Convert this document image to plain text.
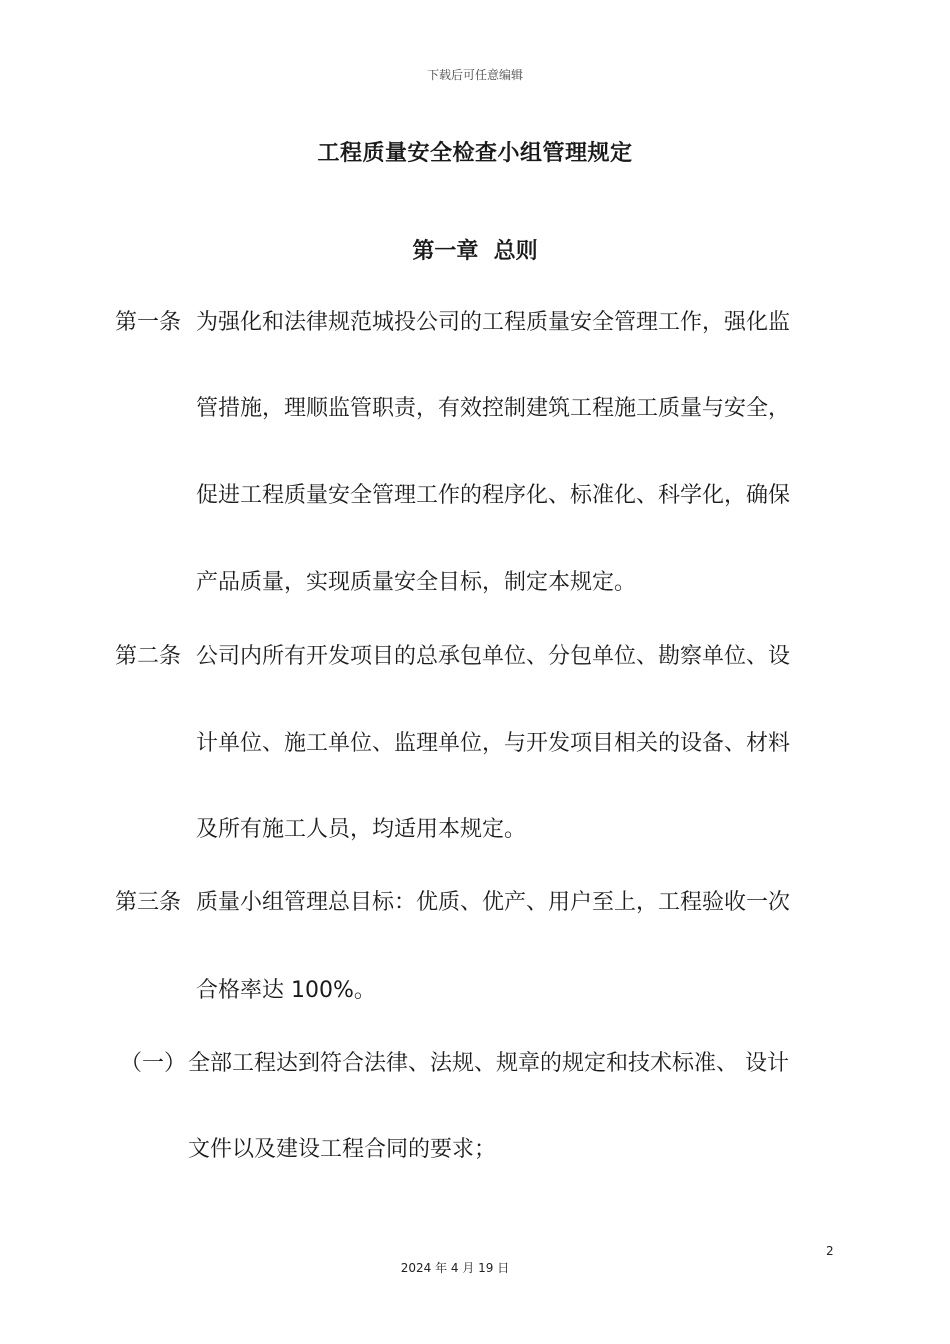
下载后可任意编辑
工程质量安全检查小组管理规定
第一章  总则
第一条 为强化和法律规范城投公司的工程质量安全管理工作，强化监
管措施，理顺监管职责，有效控制建筑工程施工质量与安全，
促进工程质量安全管理工作的程序化、标准化、科学化，确保
产品质量，实现质量安全目标，制定本规定。
第二条 公司内所有开发项目的总承包单位、分包单位、勘察单位、设
计单位、施工单位、监理单位，与开发项目相关的设备、材料
及所有施工人员，均适用本规定。
第三条 质量小组管理总目标：优质、优产、用户至上，工程验收一次
合格率达 100%。
（一） 全部工程达到符合法律、法规、规章的规定和技术标准、 设计
文件以及建设工程合同的要求；
2
2024 年 4 月 19 日
